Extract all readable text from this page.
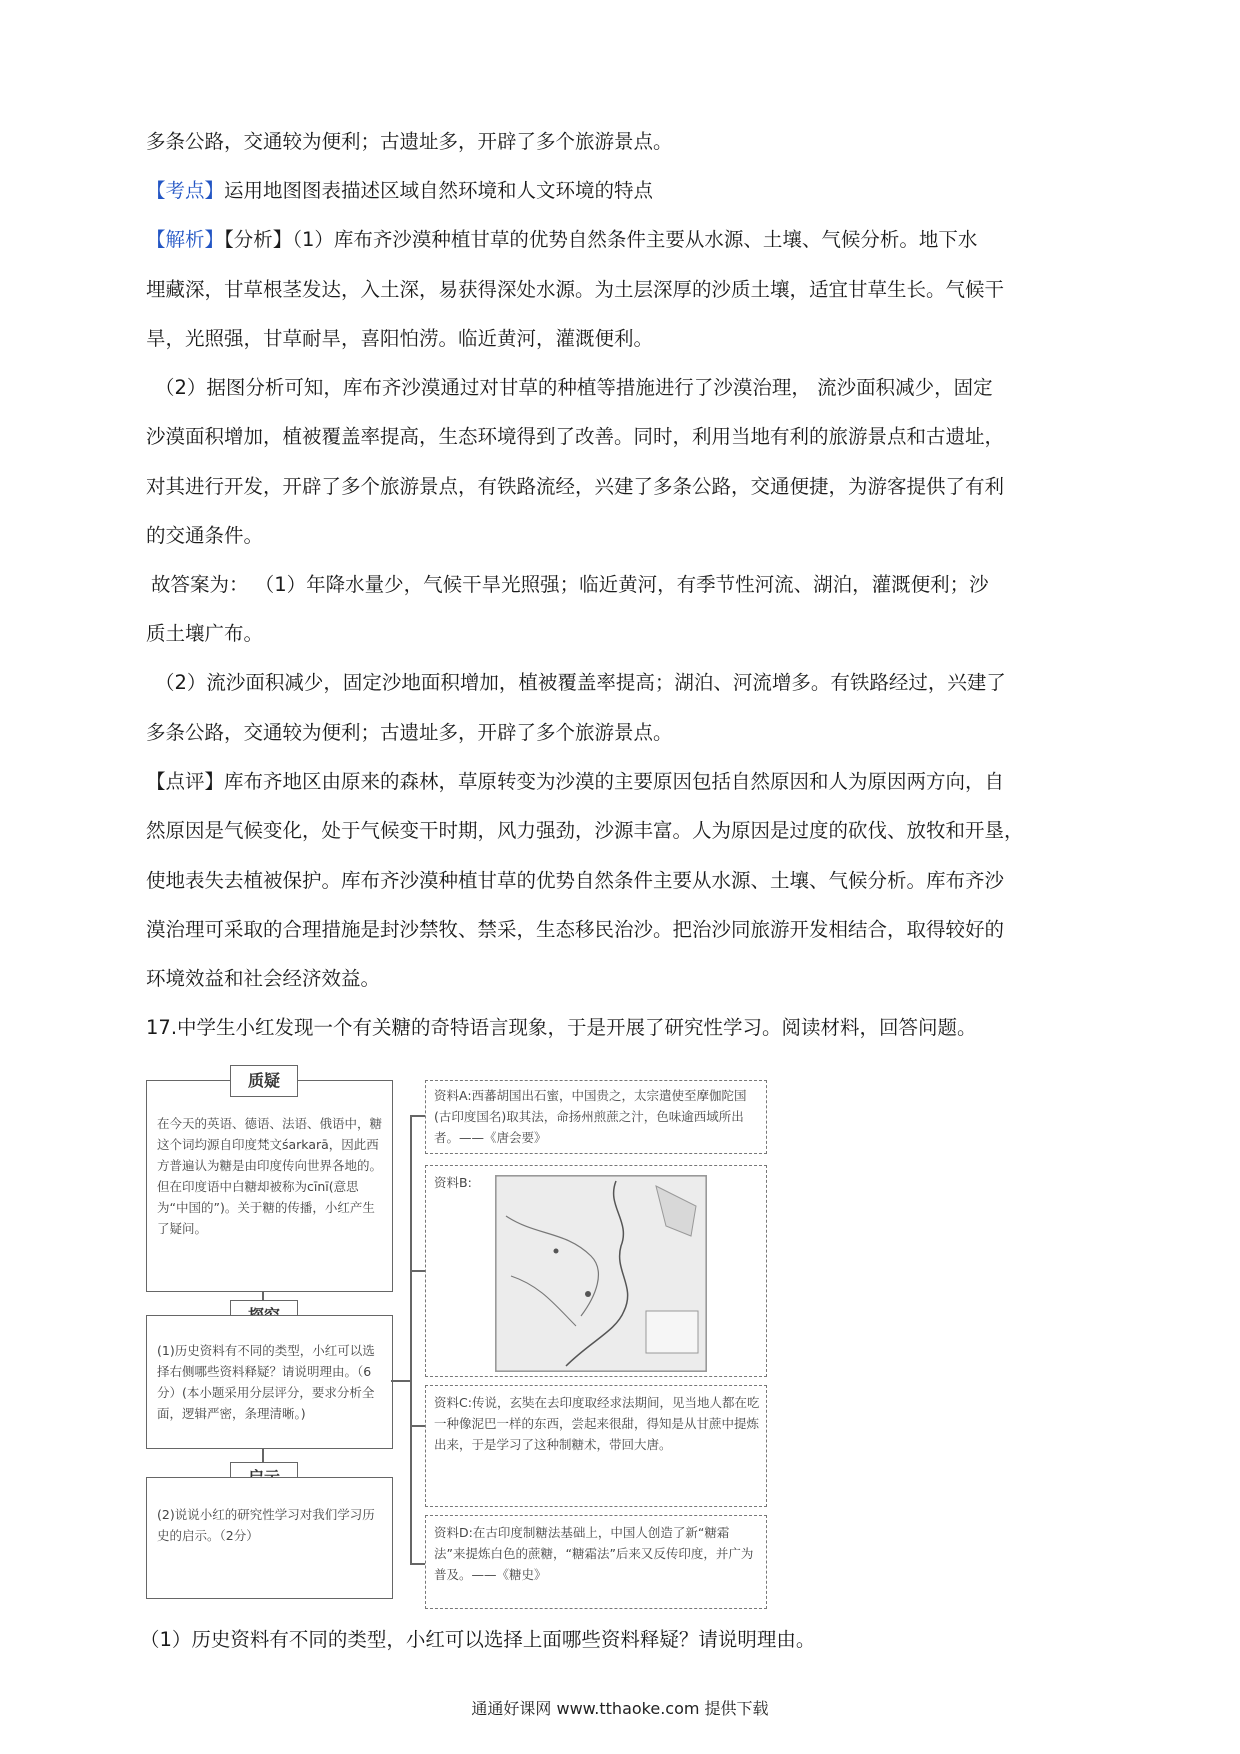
多条公路，交通较为便利；古遗址多，开辟了多个旅游景点。
【考点】运用地图图表描述区域自然环境和人文环境的特点
【解析】【分析】（1）库布齐沙漠种植甘草的优势自然条件主要从水源、土壤、气候分析。地下水
埋藏深，甘草根茎发达，入土深，易获得深处水源。为土层深厚的沙质土壤，适宜甘草生长。气候干
旱，光照强，甘草耐旱，喜阳怕涝。临近黄河，灌溉便利。
（2）据图分析可知，库布齐沙漠通过对甘草的种植等措施进行了沙漠治理， 流沙面积减少，固定
沙漠面积增加，植被覆盖率提高，生态环境得到了改善。同时，利用当地有利的旅游景点和古遗址，
对其进行开发，开辟了多个旅游景点，有铁路流经，兴建了多条公路，交通便捷，为游客提供了有利
的交通条件。
故答案为： （1）年降水量少，气候干旱光照强；临近黄河，有季节性河流、湖泊，灌溉便利；沙
质土壤广布。
（2）流沙面积减少，固定沙地面积增加，植被覆盖率提高；湖泊、河流增多。有铁路经过，兴建了
多条公路，交通较为便利；古遗址多，开辟了多个旅游景点。
【点评】库布齐地区由原来的森林，草原转变为沙漠的主要原因包括自然原因和人为原因两方向，自
然原因是气候变化，处于气候变干时期，风力强劲，沙源丰富。人为原因是过度的砍伐、放牧和开垦，
使地表失去植被保护。库布齐沙漠种植甘草的优势自然条件主要从水源、土壤、气候分析。库布齐沙
漠治理可采取的合理措施是封沙禁牧、禁采，生态移民治沙。把治沙同旅游开发相结合，取得较好的
环境效益和社会经济效益。
17.中学生小红发现一个有关糖的奇特语言现象，于是开展了研究性学习。阅读材料，回答问题。
在今天的英语、德语、法语、俄语中，糖这个词均源自印度梵文śarkarā，因此西方普遍认为糖是由印度传向世界各地的。但在印度语中白糖却被称为cīnī(意思为“中国的”)。关于糖的传播，小红产生了疑问。
质疑
(1)历史资料有不同的类型，小红可以选择右侧哪些资料释疑？请说明理由。（6分）(本小题采用分层评分，要求分析全面，逻辑严密，条理清晰。)
(2)说说小红的研究性学习对我们学习历史的启示。（2分）
资料A:西蕃胡国出石蜜，中国贵之，太宗遣使至摩伽陀国(古印度国名)取其法，命扬州煎蔗之汁，色味逾西域所出者。——《唐会要》
资料B:
资料C:传说，玄奘在去印度取经求法期间，见当地人都在吃一种像泥巴一样的东西，尝起来很甜，得知是从甘蔗中提炼出来，于是学习了这种制糖术，带回大唐。
资料D:在古印度制糖法基础上，中国人创造了新“糖霜法”来提炼白色的蔗糖，“糖霜法”后来又反传印度，并广为普及。——《糖史》
（1）历史资料有不同的类型，小红可以选择上面哪些资料释疑？请说明理由。
通通好课网 www.tthaoke.com 提供下载
